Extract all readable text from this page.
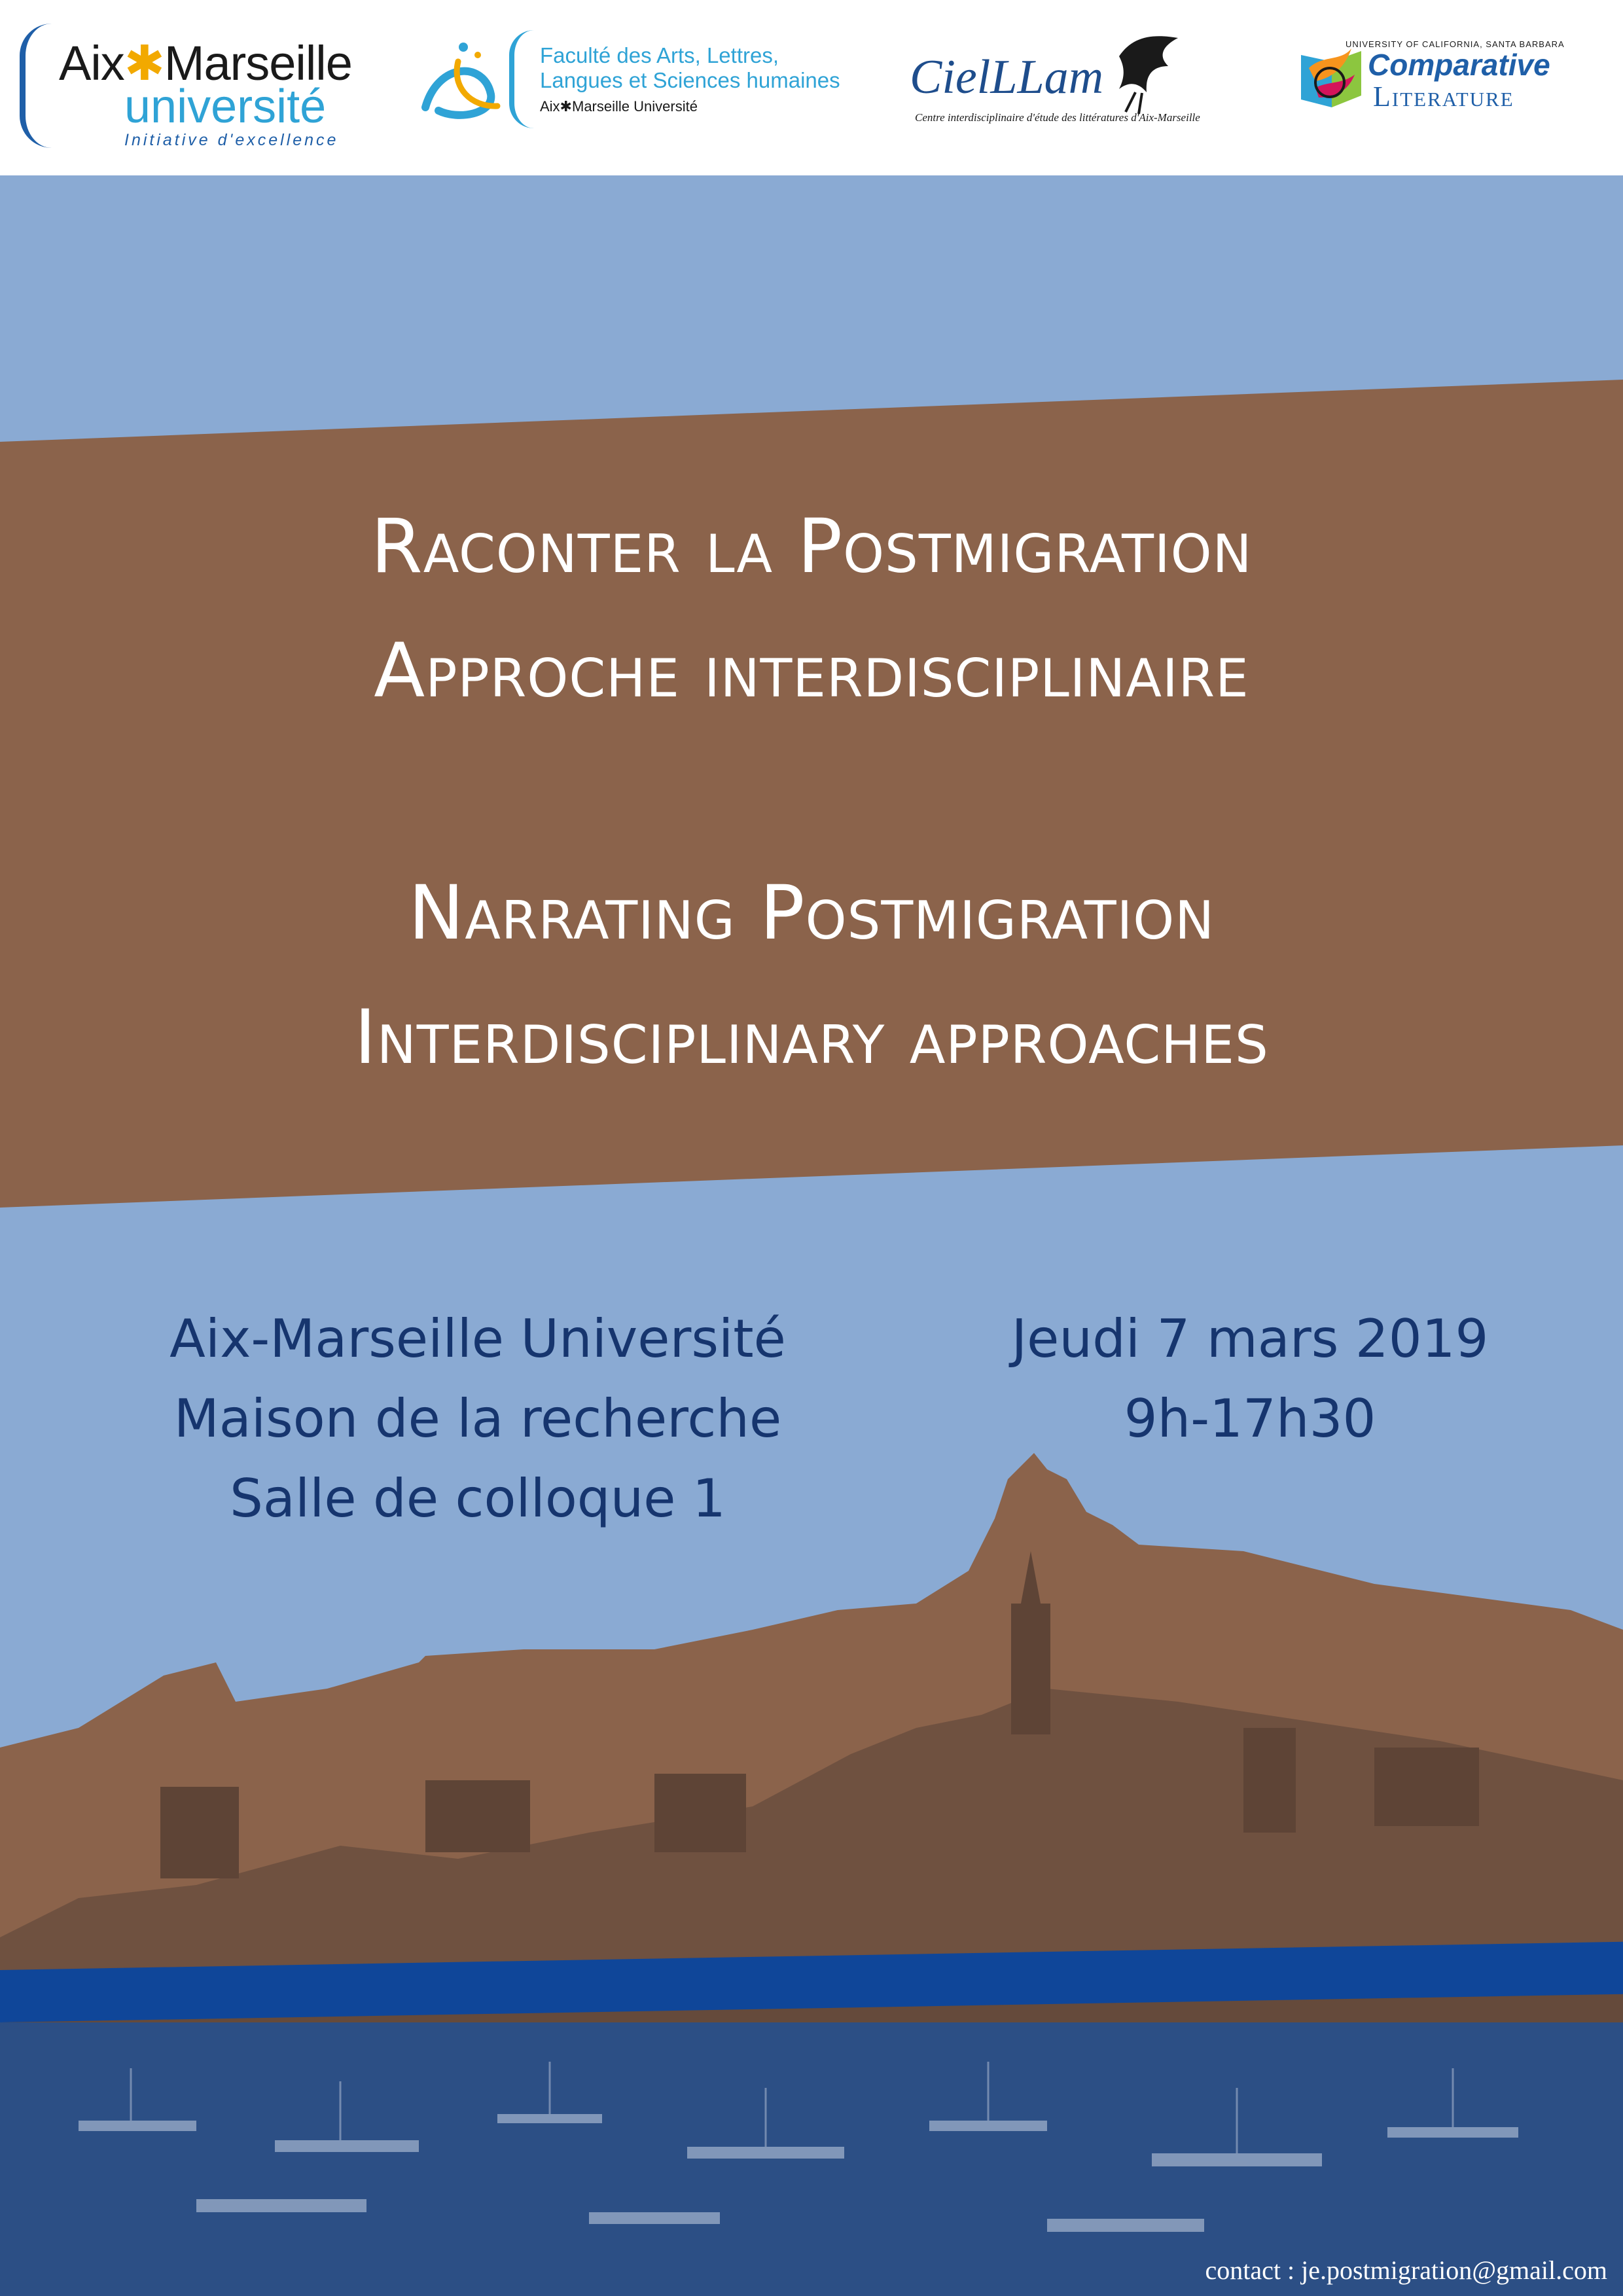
Aix✱Marseille
université
Initiative d'excellence
Faculté des Arts, Lettres,
Langues et Sciences humaines
Aix✱Marseille Université
CielLLam
Centre interdisciplinaire d'étude des littératures d'Aix-Marseille
UNIVERSITY OF CALIFORNIA, SANTA BARBARA
Comparative
Literature
Raconter la Postmigration
Approche interdisciplinaire
Narrating Postmigration
Interdisciplinary approaches
Aix-Marseille Université
Maison de la recherche
Salle de colloque 1
Jeudi 7 mars 2019
9h-17h30
contact : je.postmigration@gmail.com
